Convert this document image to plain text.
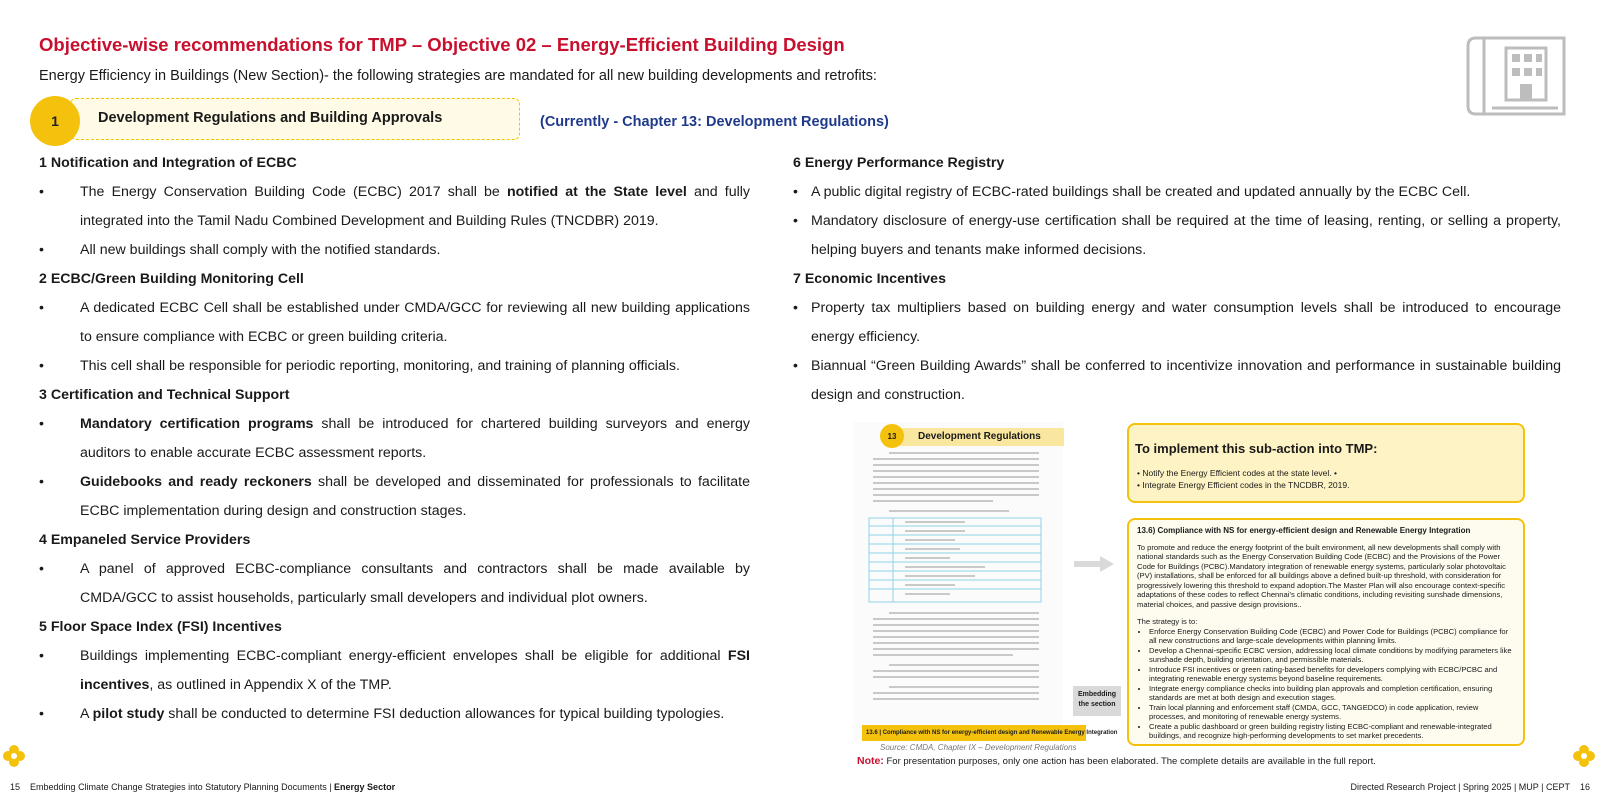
Objective-wise recommendations for TMP – Objective 02 – Energy-Efficient Building Design
Energy Efficiency in Buildings (New Section)- the following strategies are mandated for all new building developments and retrofits:
1	Development Regulations and Building Approvals	(Currently - Chapter 13: Development Regulations)
1 Notification and Integration of ECBC
• The Energy Conservation Building Code (ECBC) 2017 shall be notified at the State level and fully integrated into the Tamil Nadu Combined Development and Building Rules (TNCDBR) 2019.
• All new buildings shall comply with the notified standards.
2 ECBC/Green Building Monitoring Cell
• A dedicated ECBC Cell shall be established under CMDA/GCC for reviewing all new building applications to ensure compliance with ECBC or green building criteria.
• This cell shall be responsible for periodic reporting, monitoring, and training of planning officials.
3 Certification and Technical Support
• Mandatory certification programs shall be introduced for chartered building surveyors and energy auditors to enable accurate ECBC assessment reports.
• Guidebooks and ready reckoners shall be developed and disseminated for professionals to facilitate ECBC implementation during design and construction stages.
4 Empaneled Service Providers
• A panel of approved ECBC-compliance consultants and contractors shall be made available by CMDA/GCC to assist households, particularly small developers and individual plot owners.
5 Floor Space Index (FSI) Incentives
• Buildings implementing ECBC-compliant energy-efficient envelopes shall be eligible for additional FSI incentives, as outlined in Appendix X of the TMP.
• A pilot study shall be conducted to determine FSI deduction allowances for typical building typologies.
6 Energy Performance Registry
• A public digital registry of ECBC-rated buildings shall be created and updated annually by the ECBC Cell.
• Mandatory disclosure of energy-use certification shall be required at the time of leasing, renting, or selling a property, helping buyers and tenants make informed decisions.
7 Economic Incentives
• Property tax multipliers based on building energy and water consumption levels shall be introduced to encourage energy efficiency.
• Biannual “Green Building Awards” shall be conferred to incentivize innovation and performance in sustainable building design and construction.
Development Regulations
13
13.6 | Compliance with NS for energy-efficient design and Renewable Energy Integration
Embedding the section
Source: CMDA, Chapter IX – Development Regulations
To implement this sub-action into TMP:
• Notify the Energy Efficient codes at the state level. •
• Integrate Energy Efficient codes in the TNCDBR, 2019.
13.6) Compliance with NS for energy-efficient design and Renewable Energy Integration

To promote and reduce the energy footprint of the built environment, all new developments shall comply with national standards such as the Energy Conservation Building Code (ECBC) and the Provisions of the Power Code for Buildings (PCBC).Mandatory integration of renewable energy systems, particularly solar photovoltaic (PV) installations, shall be enforced for all buildings above a defined built-up threshold, with consideration for progressively lowering this threshold to expand adoption.The Master Plan will also encourage context-specific adaptations of these codes to reflect Chennai’s climatic conditions, including revisiting sunshade dimensions, material choices, and passive design provisions..

The strategy is to:
• Enforce Energy Conservation Building Code (ECBC) and Power Code for Buildings (PCBC) compliance for all new constructions and large-scale developments within planning limits.
• Develop a Chennai-specific ECBC version, addressing local climate conditions by modifying parameters like sunshade depth, building orientation, and permissible materials.
• Introduce FSI incentives or green rating-based benefits for developers complying with ECBC/PCBC and integrating renewable energy systems beyond baseline requirements.
• Integrate energy compliance checks into building plan approvals and completion certification, ensuring standards are met at both design and execution stages.
• Train local planning and enforcement staff (CMDA, GCC, TANGEDCO) in code application, review processes, and monitoring of renewable energy systems.
• Create a public dashboard or green building registry listing ECBC-compliant and renewable-integrated buildings, and recognize high-performing developments to set market precedents.
Note: For presentation purposes, only one action has been elaborated. The complete details are available in the full report.
15 Embedding Climate Change Strategies into Statutory Planning Documents | Energy Sector	Directed Research Project | Spring 2025 | MUP | CEPT 16
